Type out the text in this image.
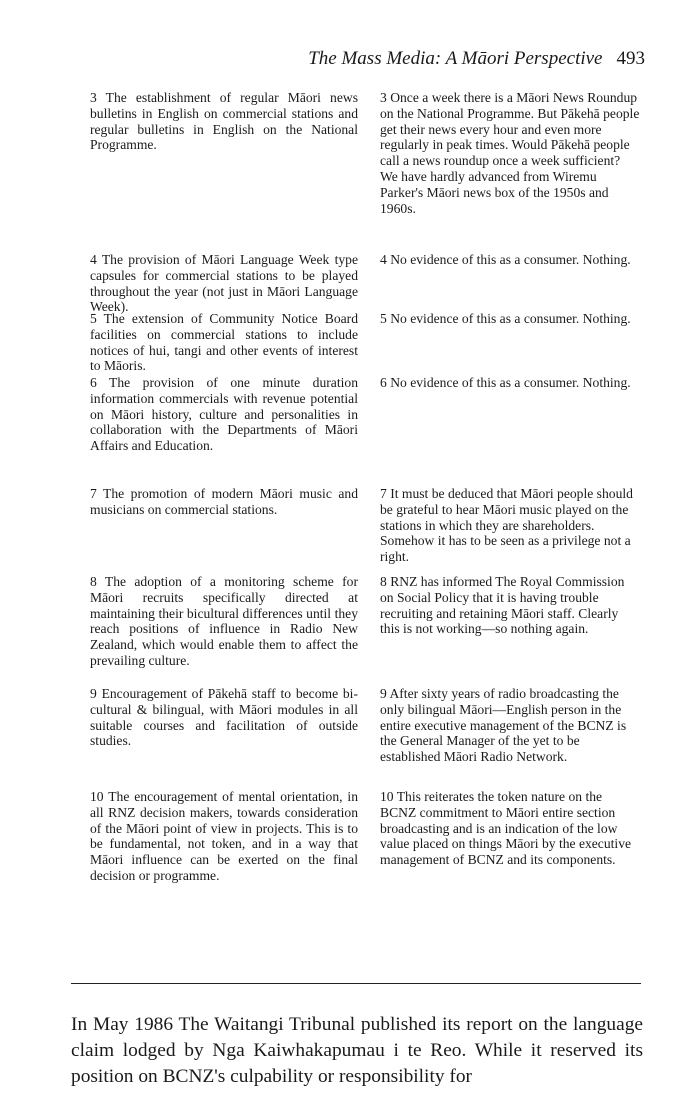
The Mass Media: A Māori Perspective 493
3 The establishment of regular Māori news bulletins in English on commercial stations and regular bulletins in English on the National Programme.
3 Once a week there is a Māori News Roundup on the National Programme. But Pākehā people get their news every hour and even more regularly in peak times. Would Pākehā people call a news roundup once a week sufficient? We have hardly advanced from Wiremu Parker's Māori news box of the 1950s and 1960s.
4 The provision of Māori Language Week type capsules for commercial stations to be played throughout the year (not just in Māori Language Week).
4 No evidence of this as a consumer. Nothing.
5 The extension of Community Notice Board facilities on commercial stations to include notices of hui, tangi and other events of interest to Māoris.
5 No evidence of this as a consumer. Nothing.
6 The provision of one minute duration information commercials with revenue potential on Māori history, culture and personalities in collaboration with the Departments of Māori Affairs and Education.
6 No evidence of this as a consumer. Nothing.
7 The promotion of modern Māori music and musicians on commercial stations.
7 It must be deduced that Māori people should be grateful to hear Māori music played on the stations in which they are shareholders. Somehow it has to be seen as a privilege not a right.
8 The adoption of a monitoring scheme for Māori recruits specifically directed at maintaining their bicultural differences until they reach positions of influence in Radio New Zealand, which would enable them to affect the prevailing culture.
8 RNZ has informed The Royal Commission on Social Policy that it is having trouble recruiting and retaining Māori staff. Clearly this is not working—so nothing again.
9 Encouragement of Pākehā staff to become bi-cultural & bilingual, with Māori modules in all suitable courses and facilitation of outside studies.
9 After sixty years of radio broadcasting the only bilingual Māori—English person in the entire executive management of the BCNZ is the General Manager of the yet to be established Māori Radio Network.
10 The encouragement of mental orientation, in all RNZ decision makers, towards consideration of the Māori point of view in projects. This is to be fundamental, not token, and in a way that Māori influence can be exerted on the final decision or programme.
10 This reiterates the token nature on the BCNZ commitment to Māori entire section broadcasting and is an indication of the low value placed on things Māori by the executive management of BCNZ and its components.
In May 1986 The Waitangi Tribunal published its report on the language claim lodged by Nga Kaiwhakapumau i te Reo. While it reserved its position on BCNZ's culpability or responsibility for
